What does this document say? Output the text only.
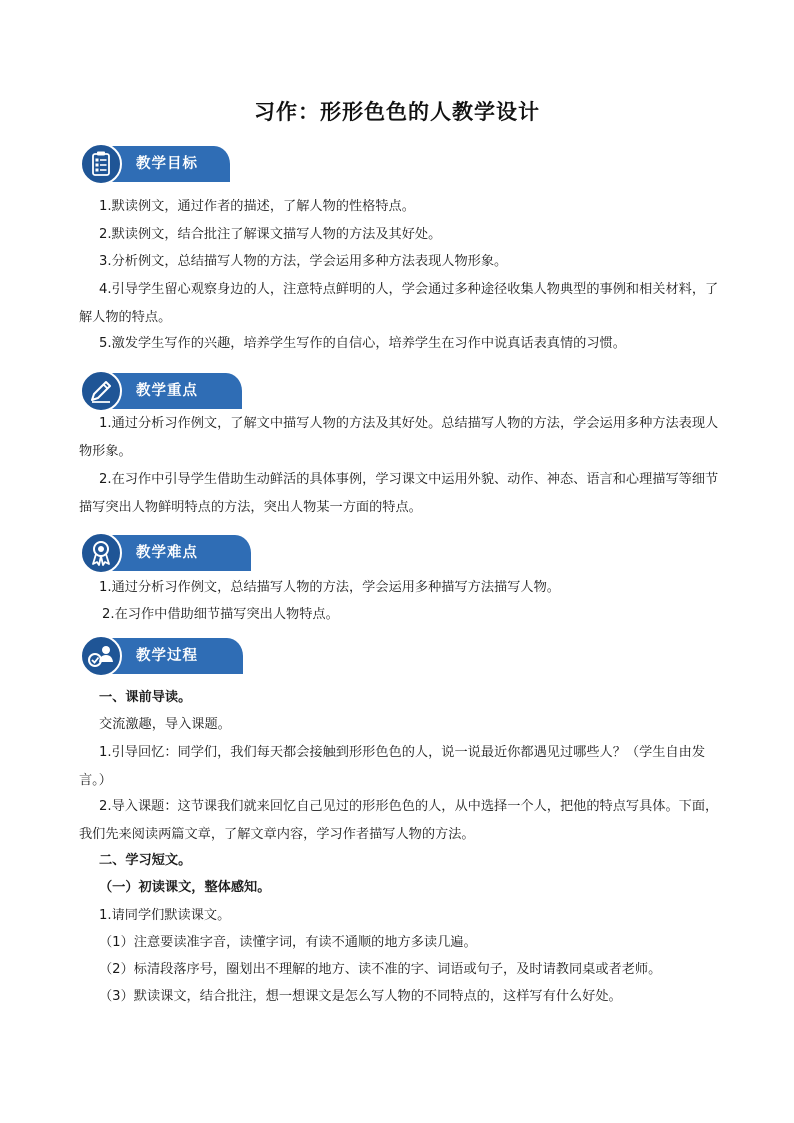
习作：形形色色的人教学设计
教学目标
1.默读例文，通过作者的描述，了解人物的性格特点。
2.默读例文，结合批注了解课文描写人物的方法及其好处。
3.分析例文，总结描写人物的方法，学会运用多种方法表现人物形象。
4.引导学生留心观察身边的人，注意特点鲜明的人，学会通过多种途径收集人物典型的事例和相关材料，了解人物的特点。
5.激发学生写作的兴趣，培养学生写作的自信心，培养学生在习作中说真话表真情的习惯。
教学重点
1.通过分析习作例文，了解文中描写人物的方法及其好处。总结描写人物的方法，学会运用多种方法表现人物形象。
2.在习作中引导学生借助生动鲜活的具体事例，学习课文中运用外貌、动作、神态、语言和心理描写等细节描写突出人物鲜明特点的方法，突出人物某一方面的特点。
教学难点
1.通过分析习作例文，总结描写人物的方法，学会运用多种描写方法描写人物。
2.在习作中借助细节描写突出人物特点。
教学过程
一、课前导读。
交流激趣，导入课题。
1.引导回忆：同学们，我们每天都会接触到形形色色的人，说一说最近你都遇见过哪些人？（学生自由发言。）
2.导入课题：这节课我们就来回忆自己见过的形形色色的人，从中选择一个人，把他的特点写具体。下面，我们先来阅读两篇文章，了解文章内容，学习作者描写人物的方法。
二、学习短文。
（一）初读课文，整体感知。
1.请同学们默读课文。
（1）注意要读准字音，读懂字词，有读不通顺的地方多读几遍。
（2）标清段落序号，圈划出不理解的地方、读不准的字、词语或句子，及时请教同桌或者老师。
（3）默读课文，结合批注，想一想课文是怎么写人物的不同特点的，这样写有什么好处。
